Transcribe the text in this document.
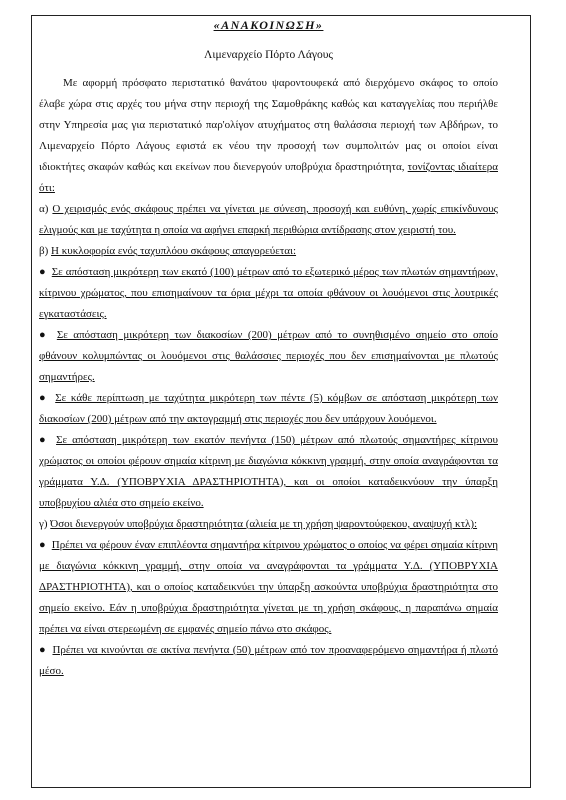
«ΑΝΑΚΟΙΝΩΣΗ»

Λιμεναρχείο Πόρτο Λάγους

Με αφορμή πρόσφατο περιστατικό θανάτου ψαροντουφεκά από διερχόμενο σκάφος το οποίο έλαβε χώρα στις αρχές του μήνα στην περιοχή της Σαμοθράκης καθώς και καταγγελίας που περιήλθε στην Υπηρεσία μας για περιστατικό παρ'ολίγον ατυχήματος στη θαλάσσια περιοχή των Αβδήρων, το Λιμεναρχείο Πόρτο Λάγους εφιστά εκ νέου την προσοχή των συμπολιτών μας οι οποίοι είναι ιδιοκτήτες σκαφών καθώς και εκείνων που διενεργούν υποβρύχια δραστηριότητα, τονίζοντας ιδιαίτερα ότι:

α) Ο χειρισμός ενός σκάφους πρέπει να γίνεται με σύνεση, προσοχή και ευθύνη, χωρίς επικίνδυνους ελιγμούς και με ταχύτητα η οποία να αφήνει επαρκή περιθώρια αντίδρασης στον χειριστή του.

β) Η κυκλοφορία ενός ταχυπλόου σκάφους απαγορεύεται:

● Σε απόσταση μικρότερη των εκατό (100) μέτρων από το εξωτερικό μέρος των πλωτών σημαντήρων, κίτρινου χρώματος, που επισημαίνουν τα όρια μέχρι τα οποία φθάνουν οι λουόμενοι στις λουτρικές εγκαταστάσεις.

● Σε απόσταση μικρότερη των διακοσίων (200) μέτρων από το συνηθισμένο σημείο στο οποίο φθάνουν κολυμπώντας οι λουόμενοι στις θαλάσσιες περιοχές που δεν επισημαίνονται με πλωτούς σημαντήρες.

● Σε κάθε περίπτωση με ταχύτητα μικρότερη των πέντε (5) κόμβων σε απόσταση μικρότερη των διακοσίων (200) μέτρων από την ακτογραμμή στις περιοχές που δεν υπάρχουν λουόμενοι.

● Σε απόσταση μικρότερη των εκατόν πενήντα (150) μέτρων από πλωτούς σημαντήρες κίτρινου χρώματος οι οποίοι φέρουν σημαία κίτρινη με διαγώνια κόκκινη γραμμή, στην οποία αναγράφονται τα γράμματα Υ.Δ. (ΥΠΟΒΡΥΧΙΑ ΔΡΑΣΤΗΡΙΟΤΗΤΑ), και οι οποίοι καταδεικνύουν την ύπαρξη υποβρυχίου αλιέα στο σημείο εκείνο.

γ) Όσοι διενεργούν υποβρύχια δραστηριότητα (αλιεία με τη χρήση ψαροντούφεκου, αναψυχή κτλ):

● Πρέπει να φέρουν έναν επιπλέοντα σημαντήρα κίτρινου χρώματος ο οποίος να φέρει σημαία κίτρινη με διαγώνια κόκκινη γραμμή, στην οποία να αναγράφονται τα γράμματα Υ.Δ. (ΥΠΟΒΡΥΧΙΑ ΔΡΑΣΤΗΡΙΟΤΗΤΑ), και ο οποίος καταδεικνύει την ύπαρξη ασκούντα υποβρύχια δραστηριότητα στο σημείο εκείνο. Εάν η υποβρύχια δραστηριότητα γίνεται με τη χρήση σκάφους, η παραπάνω σημαία πρέπει να είναι στερεωμένη σε εμφανές σημείο πάνω στο σκάφος.

● Πρέπει να κινούνται σε ακτίνα πενήντα (50) μέτρων από τον προαναφερόμενο σημαντήρα ή πλωτό μέσο.
